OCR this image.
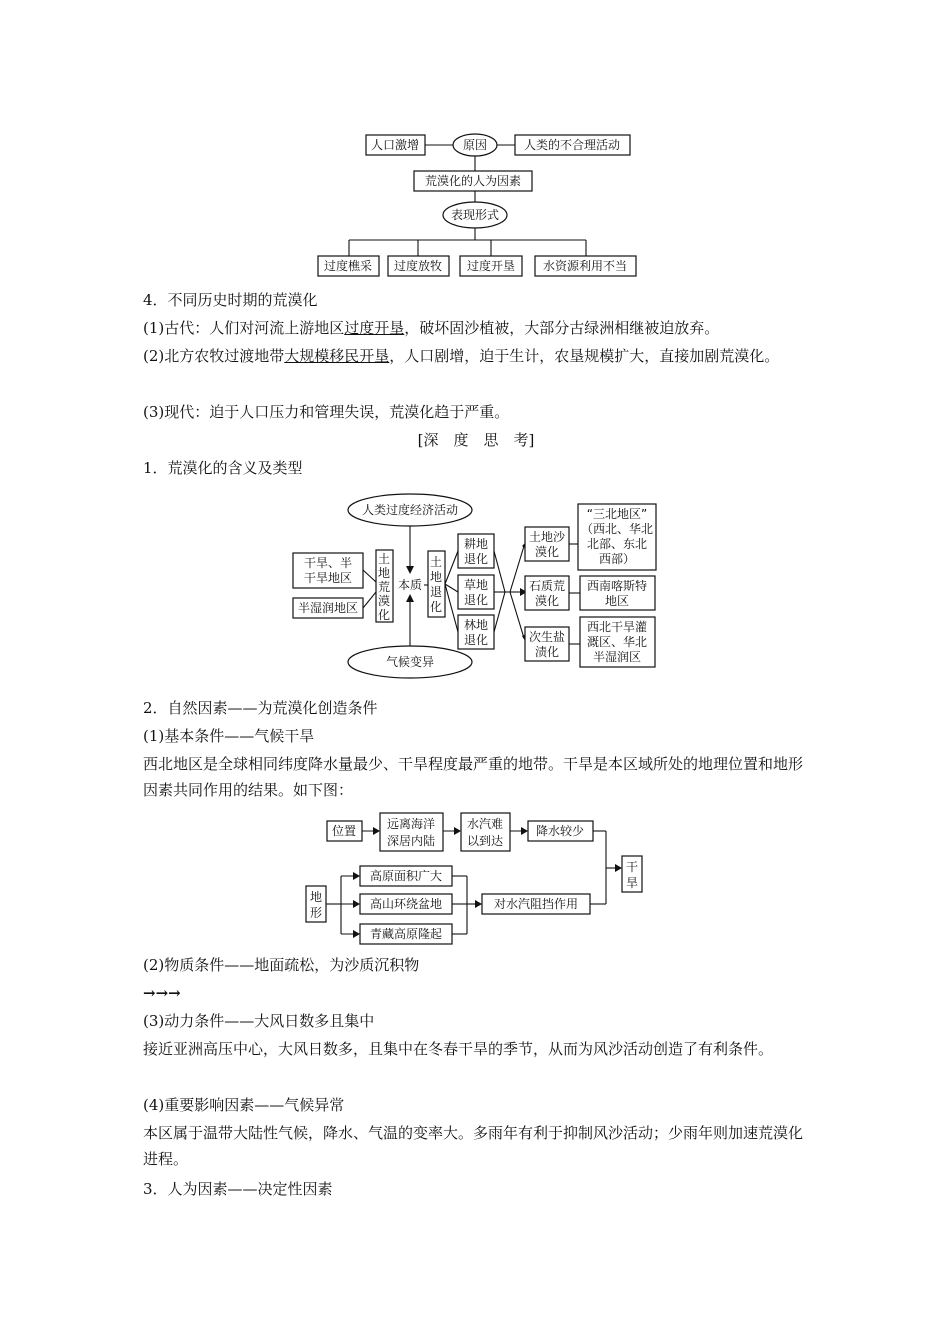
人口激增	原因	人类的不合理活动
荒漠化的人为因素
表现形式
过度樵采 过度放牧 过度开垦 水资源利用不当

4．不同历史时期的荒漠化

(1)古代：人们对河流上游地区过度开垦，破坏固沙植被，大部分古绿洲相继被迫放弃。

(2)北方农牧过渡地带大规模移民开垦，人口剧增，迫于生计，农垦规模扩大，直接加剧荒漠化。

(3)现代：迫于人口压力和管理失误，荒漠化趋于严重。

[深　度　思　考]

1．荒漠化的含义及类型

人类过度经济活动
气候变异
干旱、半
干旱地区
半湿润地区
土
地
荒
漠
化
本质
土
地
退
化
耕地
退化
草地
退化
林地
退化
土地沙
漠化
石质荒
漠化
次生盐
渍化
“三北地区”
（西北、华北
北部、东北
西部）
西南喀斯特
地区
西北干旱灌
溉区、华北
半湿润区

2．自然因素——为荒漠化创造条件

(1)基本条件——气候干旱

西北地区是全球相同纬度降水量最少、干旱程度最严重的地带。干旱是本区域所处的地理位置和地形因素共同作用的结果。如下图：

位置	远离海洋
深居内陆
水汽难
以到达
降水较少
地
形
高原面积广大
高山环绕盆地
青藏高原隆起
对水汽阻挡作用
干
旱

(2)物质条件——地面疏松，为沙质沉积物

→→→

(3)动力条件——大风日数多且集中

接近亚洲高压中心，大风日数多，且集中在冬春干旱的季节，从而为风沙活动创造了有利条件。

(4)重要影响因素——气候异常

本区属于温带大陆性气候，降水、气温的变率大。多雨年有利于抑制风沙活动；少雨年则加速荒漠化进程。

3．人为因素——决定性因素
